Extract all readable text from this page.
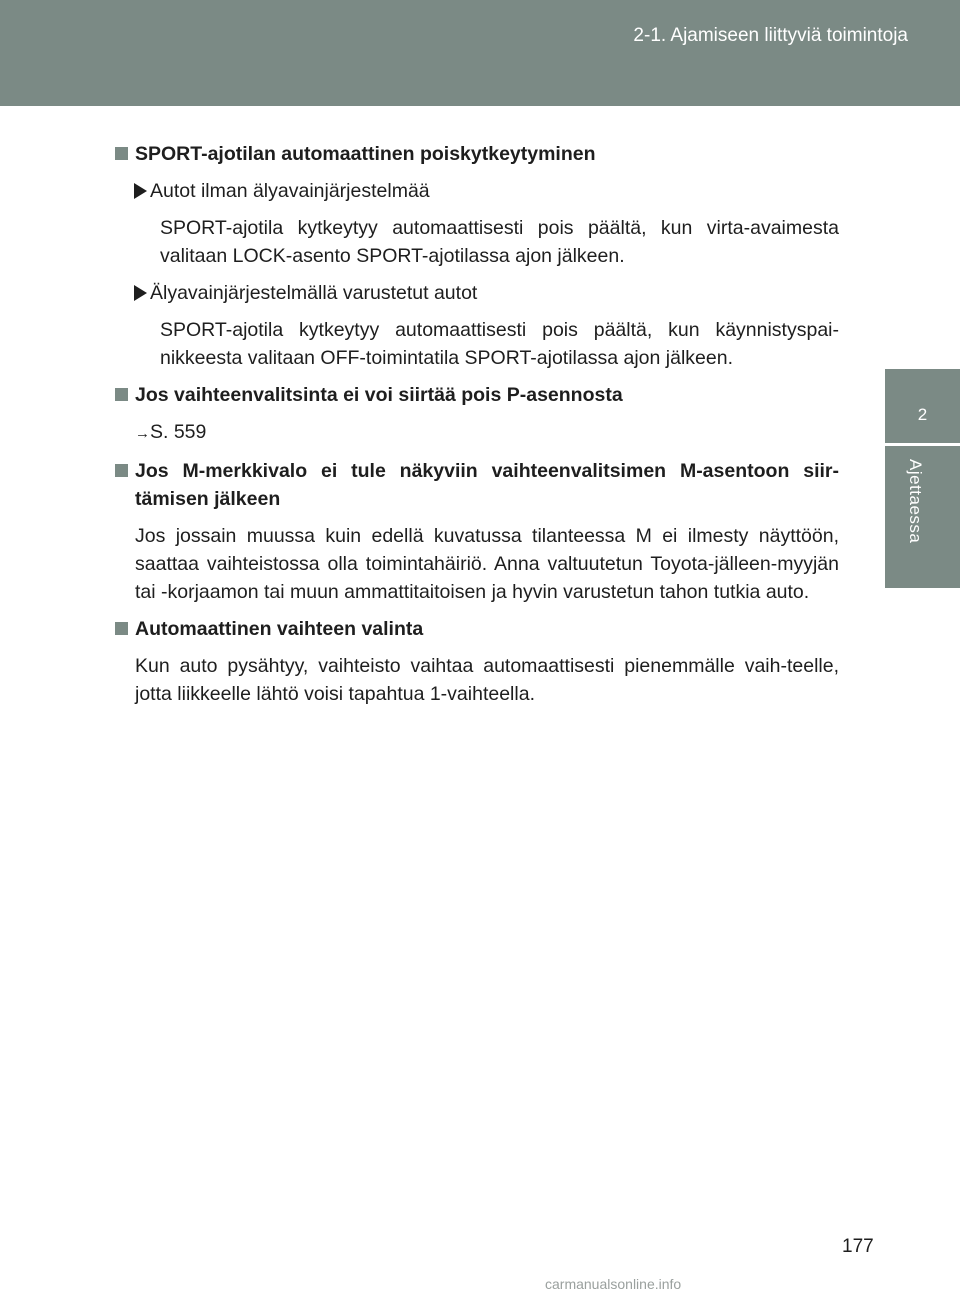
2-1. Ajamiseen liittyviä toimintoja
2
Ajettaessa
SPORT-ajotilan automaattinen poiskytkeytyminen
Autot ilman älyavainjärjestelmää
SPORT-ajotila kytkeytyy automaattisesti pois päältä, kun virta-avaimesta valitaan LOCK-asento SPORT-ajotilassa ajon jälkeen.
Älyavainjärjestelmällä varustetut autot
SPORT-ajotila kytkeytyy automaattisesti pois päältä, kun käynnistyspai-nikkeesta valitaan OFF-toimintatila SPORT-ajotilassa ajon jälkeen.
Jos vaihteenvalitsinta ei voi siirtää pois P-asennosta
→S. 559
Jos M-merkkivalo ei tule näkyviin vaihteenvalitsimen M-asentoon siir-tämisen jälkeen
Jos jossain muussa kuin edellä kuvatussa tilanteessa M ei ilmesty näyttöön, saattaa vaihteistossa olla toimintahäiriö. Anna valtuutetun Toyota-jälleen-myyjän tai -korjaamon tai muun ammattitaitoisen ja hyvin varustetun tahon tutkia auto.
Automaattinen vaihteen valinta
Kun auto pysähtyy, vaihteisto vaihtaa automaattisesti pienemmälle vaih-teelle, jotta liikkeelle lähtö voisi tapahtua 1-vaihteella.
177
carmanualsonline.info
